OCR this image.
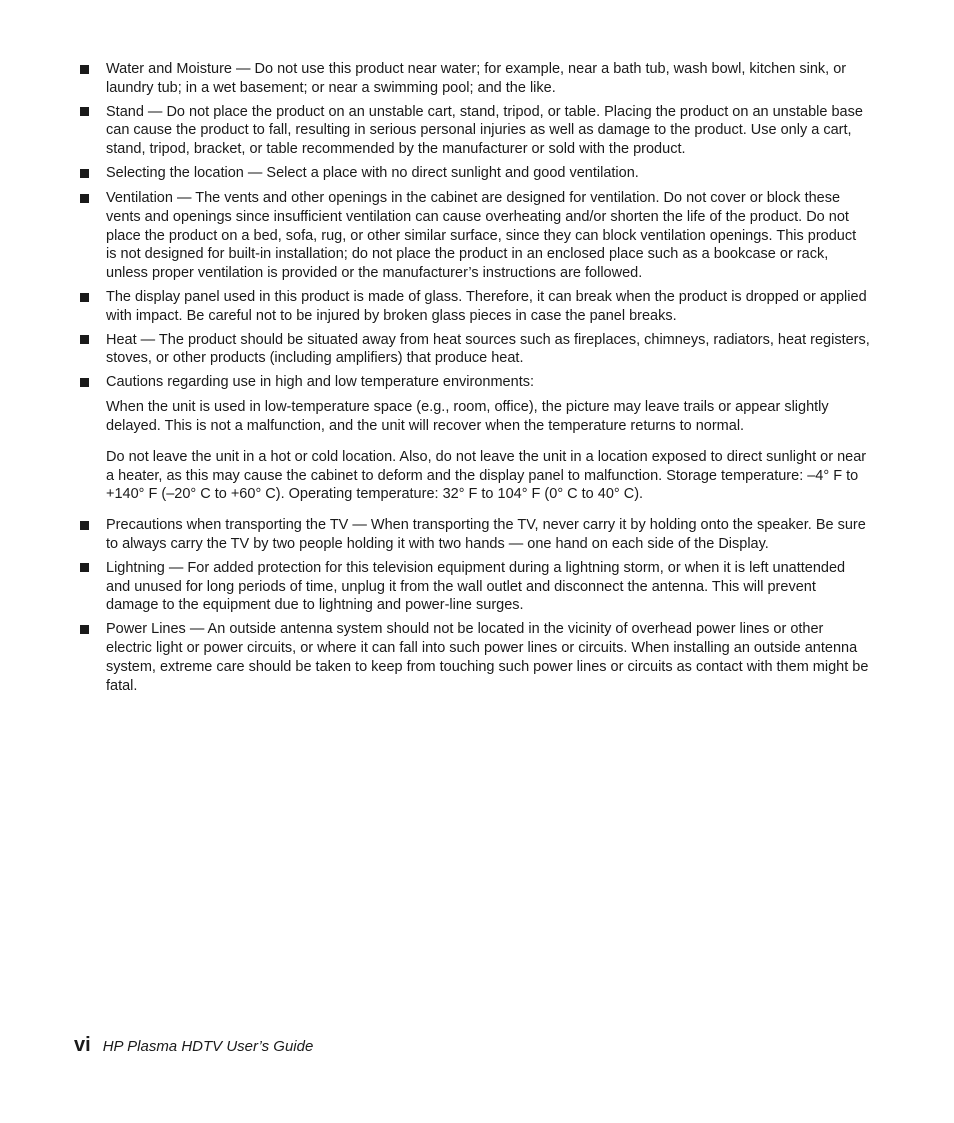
Water and Moisture — Do not use this product near water; for example, near a bath tub, wash bowl, kitchen sink, or laundry tub; in a wet basement; or near a swimming pool; and the like.
Stand — Do not place the product on an unstable cart, stand, tripod, or table. Placing the product on an unstable base can cause the product to fall, resulting in serious personal injuries as well as damage to the product. Use only a cart, stand, tripod, bracket, or table recommended by the manufacturer or sold with the product.
Selecting the location — Select a place with no direct sunlight and good ventilation.
Ventilation — The vents and other openings in the cabinet are designed for ventilation. Do not cover or block these vents and openings since insufficient ventilation can cause overheating and/or shorten the life of the product. Do not place the product on a bed, sofa, rug, or other similar surface, since they can block ventilation openings. This product is not designed for built-in installation; do not place the product in an enclosed place such as a bookcase or rack, unless proper ventilation is provided or the manufacturer’s instructions are followed.
The display panel used in this product is made of glass. Therefore, it can break when the product is dropped or applied with impact. Be careful not to be injured by broken glass pieces in case the panel breaks.
Heat — The product should be situated away from heat sources such as fireplaces, chimneys, radiators, heat registers, stoves, or other products (including amplifiers) that produce heat.
Cautions regarding use in high and low temperature environments:

When the unit is used in low-temperature space (e.g., room, office), the picture may leave trails or appear slightly delayed. This is not a malfunction, and the unit will recover when the temperature returns to normal.

Do not leave the unit in a hot or cold location. Also, do not leave the unit in a location exposed to direct sunlight or near a heater, as this may cause the cabinet to deform and the display panel to malfunction. Storage temperature: –4° F to +140° F (–20° C to +60° C). Operating temperature: 32° F to 104° F (0° C to 40° C).

Precautions when transporting the TV — When transporting the TV, never carry it by holding onto the speaker. Be sure to always carry the TV by two people holding it with two hands — one hand on each side of the Display.
Lightning — For added protection for this television equipment during a lightning storm, or when it is left unattended and unused for long periods of time, unplug it from the wall outlet and disconnect the antenna. This will prevent damage to the equipment due to lightning and power-line surges.
Power Lines — An outside antenna system should not be located in the vicinity of overhead power lines or other electric light or power circuits, or where it can fall into such power lines or circuits. When installing an outside antenna system, extreme care should be taken to keep from touching such power lines or circuits as contact with them might be fatal.
vi HP Plasma HDTV User’s Guide
